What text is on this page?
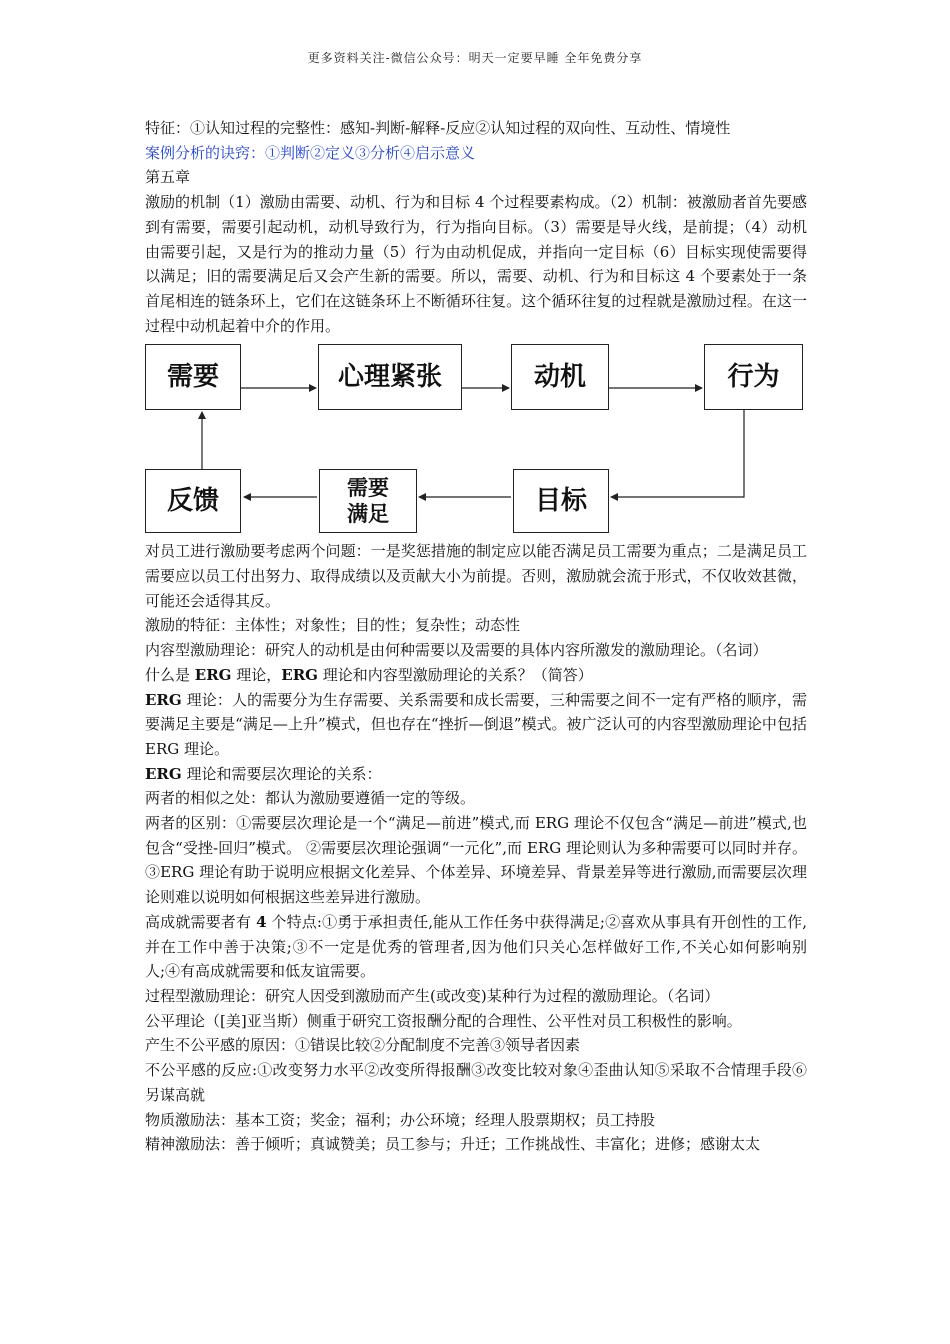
更多资料关注-微信公众号：明天一定要早睡 全年免费分享

特征：①认知过程的完整性：感知-判断-解释-反应②认知过程的双向性、互动性、情境性

案例分析的诀窍：①判断②定义③分析④启示意义

第五章

激励的机制（1）激励由需要、动机、行为和目标 4 个过程要素构成。（2）机制：被激励者首先要感到有需要，需要引起动机，动机导致行为，行为指向目标。（3）需要是导火线，是前提；（4）动机由需要引起，又是行为的推动力量（5）行为由动机促成，并指向一定目标（6）目标实现使需要得以满足；旧的需要满足后又会产生新的需要。所以，需要、动机、行为和目标这 4 个要素处于一条首尾相连的链条环上，它们在这链条环上不断循环往复。这个循环往复的过程就是激励过程。在这一过程中动机起着中介的作用。

需要	心理紧张	动机	行为
反馈	需要
满足	目标

对员工进行激励要考虑两个问题：一是奖惩措施的制定应以能否满足员工需要为重点；二是满足员工需要应以员工付出努力、取得成绩以及贡献大小为前提。否则，激励就会流于形式，不仅收效甚微，可能还会适得其反。

激励的特征：主体性；对象性；目的性；复杂性；动态性

内容型激励理论：研究人的动机是由何种需要以及需要的具体内容所激发的激励理论。（名词）

什么是 ERG 理论，ERG 理论和内容型激励理论的关系？（简答）

ERG 理论：人的需要分为生存需要、关系需要和成长需要，三种需要之间不一定有严格的顺序，需要满足主要是“满足—上升”模式，但也存在“挫折—倒退”模式。被广泛认可的内容型激励理论中包括 ERG 理论。

ERG 理论和需要层次理论的关系：

两者的相似之处：都认为激励要遵循一定的等级。

两者的区别：①需要层次理论是一个“满足—前进”模式,而 ERG 理论不仅包含“满足—前进”模式,也包含“受挫-回归”模式。 ②需要层次理论强调“一元化”,而 ERG 理论则认为多种需要可以同时并存。 ③ERG 理论有助于说明应根据文化差异、个体差异、环境差异、背景差异等进行激励,而需要层次理论则难以说明如何根据这些差异进行激励。

高成就需要者有 4 个特点:①勇于承担责任,能从工作任务中获得满足;②喜欢从事具有开创性的工作,并在工作中善于决策;③不一定是优秀的管理者,因为他们只关心怎样做好工作,不关心如何影响别人;④有高成就需要和低友谊需要。

过程型激励理论：研究人因受到激励而产生(或改变)某种行为过程的激励理论。（名词）

公平理论（[美]亚当斯）侧重于研究工资报酬分配的合理性、公平性对员工积极性的影响。

产生不公平感的原因：①错误比较②分配制度不完善③领导者因素

不公平感的反应:①改变努力水平②改变所得报酬③改变比较对象④歪曲认知⑤采取不合情理手段⑥另谋高就

物质激励法：基本工资；奖金；福利；办公环境；经理人股票期权；员工持股

精神激励法：善于倾听；真诚赞美；员工参与；升迁；工作挑战性、丰富化；进修；感谢太太
